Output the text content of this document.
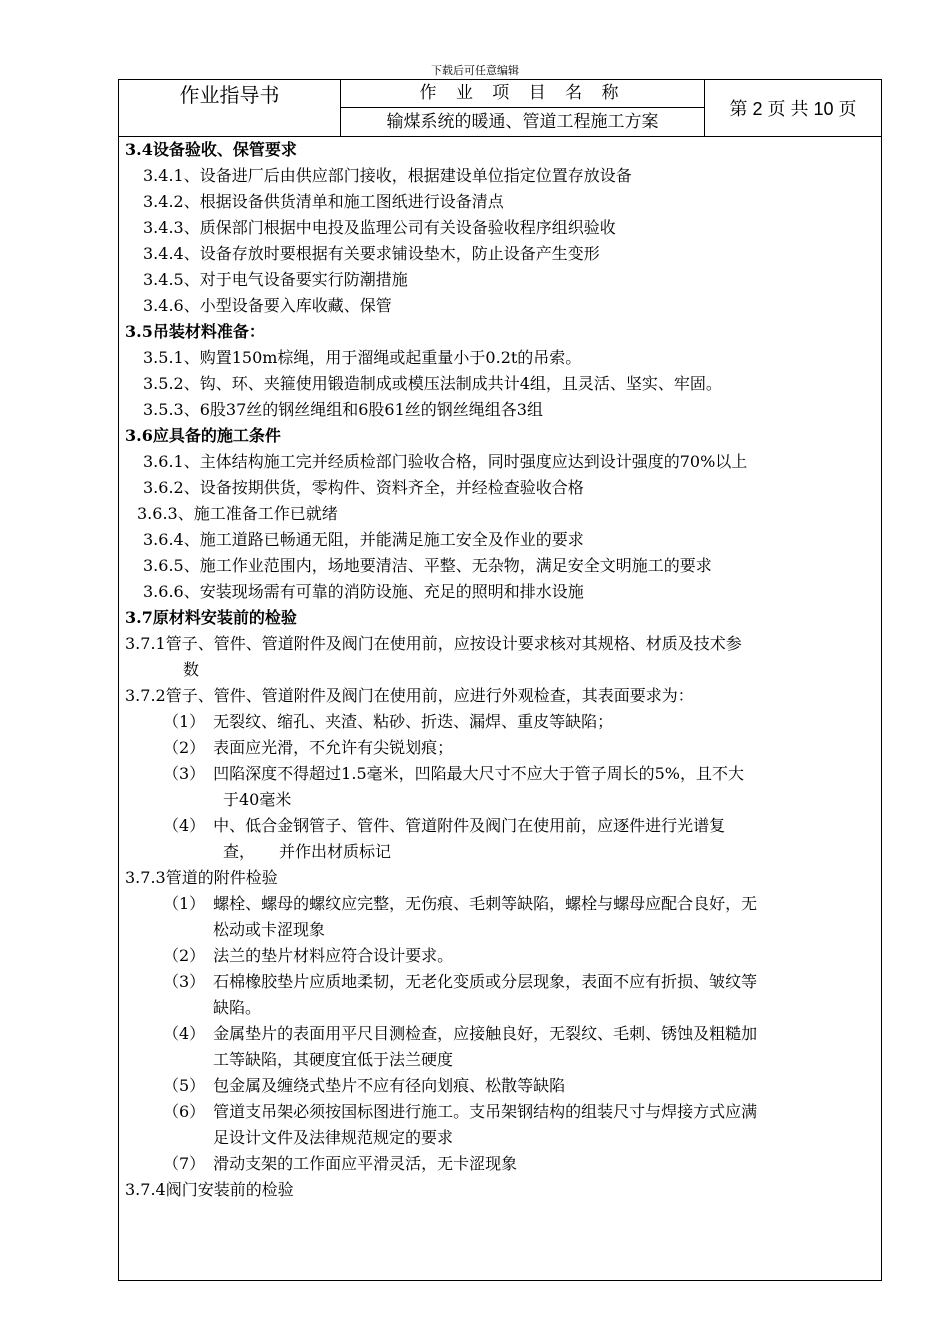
下载后可任意编辑
作业指导书	作 业 项 目 名 称
输煤系统的暖通、管道工程施工方案
第 2 页 共 10 页
3.4设备验收、保管要求
3.4.1、设备进厂后由供应部门接收，根据建设单位指定位置存放设备
3.4.2、根据设备供货清单和施工图纸进行设备清点
3.4.3、质保部门根据中电投及监理公司有关设备验收程序组织验收
3.4.4、设备存放时要根据有关要求铺设垫木，防止设备产生变形
3.4.5、对于电气设备要实行防潮措施
3.4.6、小型设备要入库收藏、保管
3.5吊装材料准备：
3.5.1、购置150m棕绳，用于溜绳或起重量小于0.2t的吊索。
3.5.2、钩、环、夹箍使用锻造制成或模压法制成共计4组，且灵活、坚实、牢固。
3.5.3、6股37丝的钢丝绳组和6股61丝的钢丝绳组各3组
3.6应具备的施工条件
3.6.1、主体结构施工完并经质检部门验收合格，同时强度应达到设计强度的70%以上
3.6.2、设备按期供货，零构件、资料齐全，并经检查验收合格
3.6.3、施工准备工作已就绪
3.6.4、施工道路已畅通无阻，并能满足施工安全及作业的要求
3.6.5、施工作业范围内，场地要清洁、平整、无杂物，满足安全文明施工的要求
3.6.6、安装现场需有可靠的消防设施、充足的照明和排水设施
3.7原材料安装前的检验
3.7.1管子、管件、管道附件及阀门在使用前，应按设计要求核对其规格、材质及技术参
数
3.7.2管子、管件、管道附件及阀门在使用前，应进行外观检查，其表面要求为：
（1）　无裂纹、缩孔、夹渣、粘砂、折迭、漏焊、重皮等缺陷；
（2）　表面应光滑，不允许有尖锐划痕；
（3）　凹陷深度不得超过1.5毫米，凹陷最大尺寸不应大于管子周长的5%，且不大
于40毫米
（4）　中、低合金钢管子、管件、管道附件及阀门在使用前，应逐件进行光谱复
查，　　并作出材质标记
3.7.3管道的附件检验
（1）　螺栓、螺母的螺纹应完整，无伤痕、毛刺等缺陷，螺栓与螺母应配合良好，无
松动或卡涩现象
（2）　法兰的垫片材料应符合设计要求。
（3）　石棉橡胶垫片应质地柔韧，无老化变质或分层现象，表面不应有折损、皱纹等
缺陷。
（4）　金属垫片的表面用平尺目测检查，应接触良好，无裂纹、毛刺、锈蚀及粗糙加
工等缺陷，其硬度宜低于法兰硬度
（5）　包金属及缠绕式垫片不应有径向划痕、松散等缺陷
（6）　管道支吊架必须按国标图进行施工。支吊架钢结构的组装尺寸与焊接方式应满
足设计文件及法律规范规定的要求
（7）　滑动支架的工作面应平滑灵活，无卡涩现象
3.7.4阀门安装前的检验
